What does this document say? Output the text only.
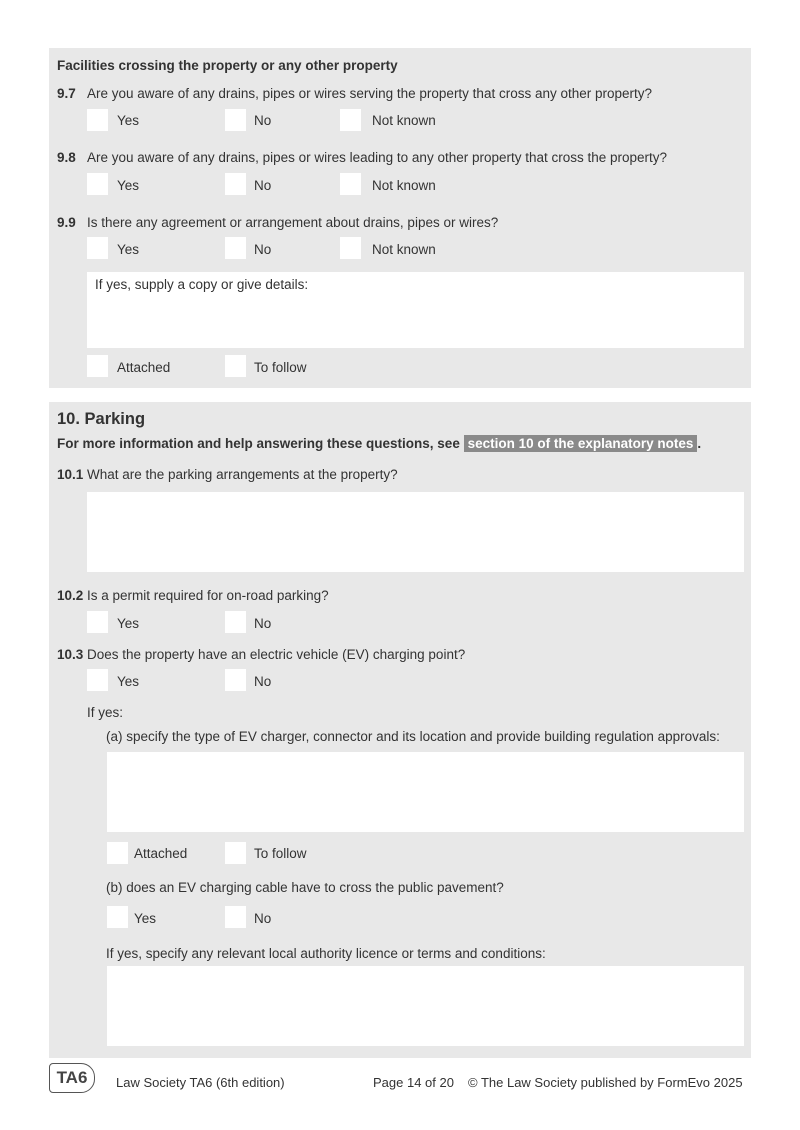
Facilities crossing the property or any other property
9.7 Are you aware of any drains, pipes or wires serving the property that cross any other property?
Yes	No	Not known
9.8 Are you aware of any drains, pipes or wires leading to any other property that cross the property?
Yes	No	Not known
9.9 Is there any agreement or arrangement about drains, pipes or wires?
Yes	No	Not known
If yes, supply a copy or give details:
Attached	To follow
10. Parking
For more information and help answering these questions, see section 10 of the explanatory notes .
10.1 What are the parking arrangements at the property?
10.2 Is a permit required for on-road parking?
Yes	No
10.3 Does the property have an electric vehicle (EV) charging point?
Yes	No
If yes:
(a) specify the type of EV charger, connector and its location and provide building regulation approvals:
Attached	To follow
(b) does an EV charging cable have to cross the public pavement?
Yes	No
If yes, specify any relevant local authority licence or terms and conditions:
TA6	Law Society TA6 (6th edition)	Page 14 of 20 © The Law Society published by FormEvo 2025
